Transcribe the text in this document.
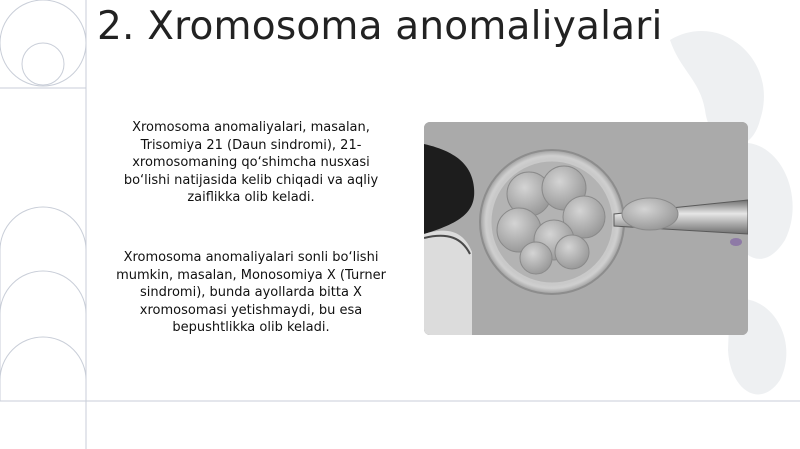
2. Xromosoma anomaliyalari
Xromosoma anomaliyalari, masalan, Trisomiya 21 (Daun sindromi), 21-xromosomaning qo‘shimcha nusxasi bo‘lishi natijasida kelib chiqadi va aqliy zaiflikka olib keladi.
Xromosoma anomaliyalari sonli bo‘lishi mumkin, masalan, Monosomiya X (Turner sindromi), bunda ayollarda bitta X xromosomasi yetishmaydi, bu esa bepushtlikka olib keladi.
